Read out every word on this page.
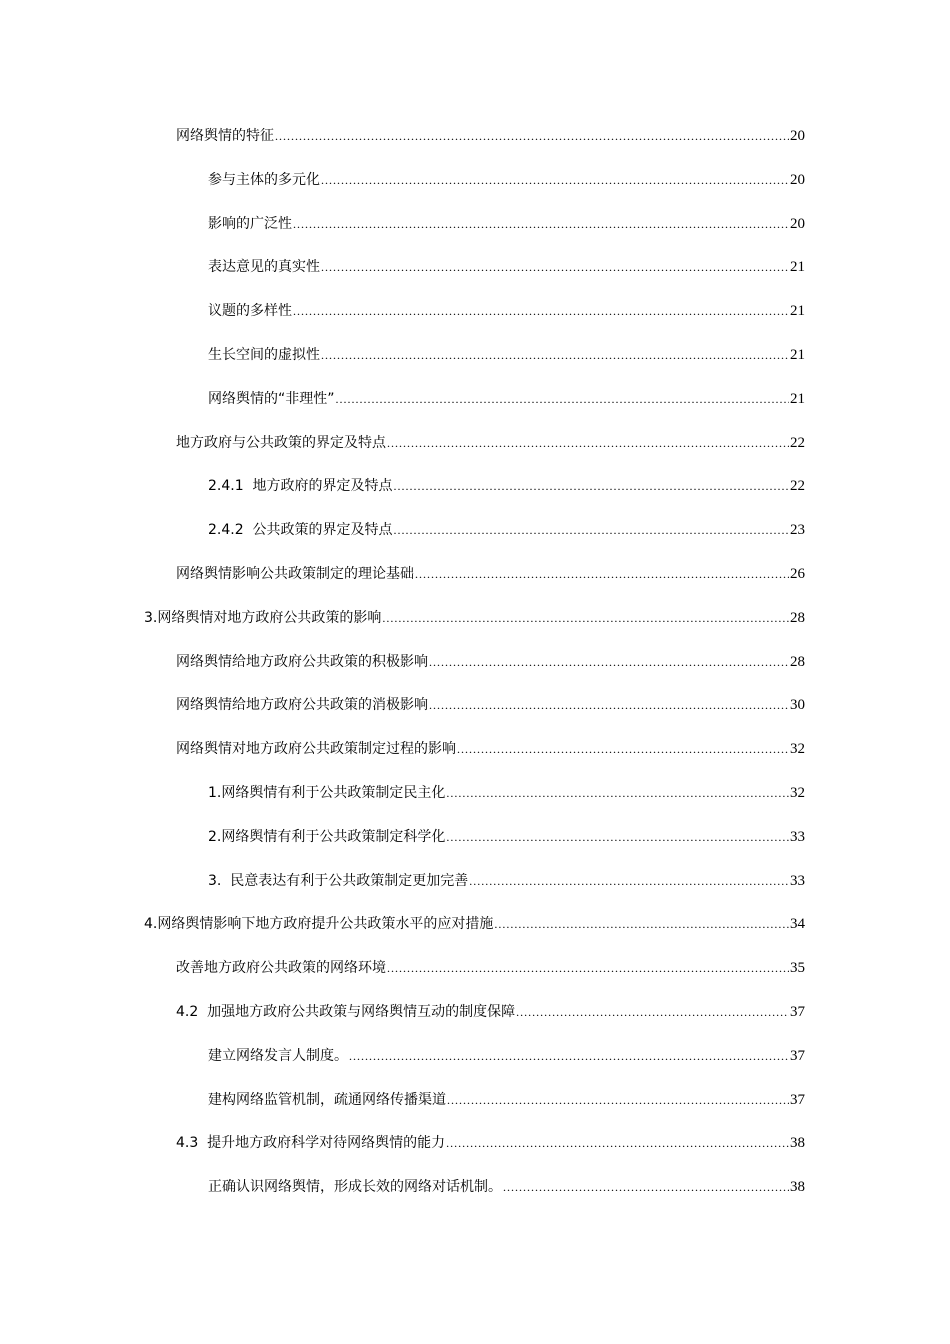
网络舆情的特征 .....	20
参与主体的多元化 .....	20
影响的广泛性 .....	20
表达意见的真实性 .....	21
议题的多样性 .....	21
生长空间的虚拟性 .....	21
网络舆情的“非理性” .....	21
地方政府与公共政策的界定及特点 .....	22
2.4.1  地方政府的界定及特点 .....	22
2.4.2  公共政策的界定及特点 .....	23
网络舆情影响公共政策制定的理论基础 .....	26
3.网络舆情对地方政府公共政策的影响 .....	28
网络舆情给地方政府公共政策的积极影响 .....	28
网络舆情给地方政府公共政策的消极影响 .....	30
网络舆情对地方政府公共政策制定过程的影响 .....	32
1.网络舆情有利于公共政策制定民主化 .....	32
2.网络舆情有利于公共政策制定科学化 .....	33
3.  民意表达有利于公共政策制定更加完善 .....	33
4.网络舆情影响下地方政府提升公共政策水平的应对措施 .....	34
改善地方政府公共政策的网络环境 .....	35
4.2  加强地方政府公共政策与网络舆情互动的制度保障 .....	37
建立网络发言人制度。 .....	37
建构网络监管机制，疏通网络传播渠道 .....	37
4.3  提升地方政府科学对待网络舆情的能力 .....	38
正确认识网络舆情，形成长效的网络对话机制。 .....	38
